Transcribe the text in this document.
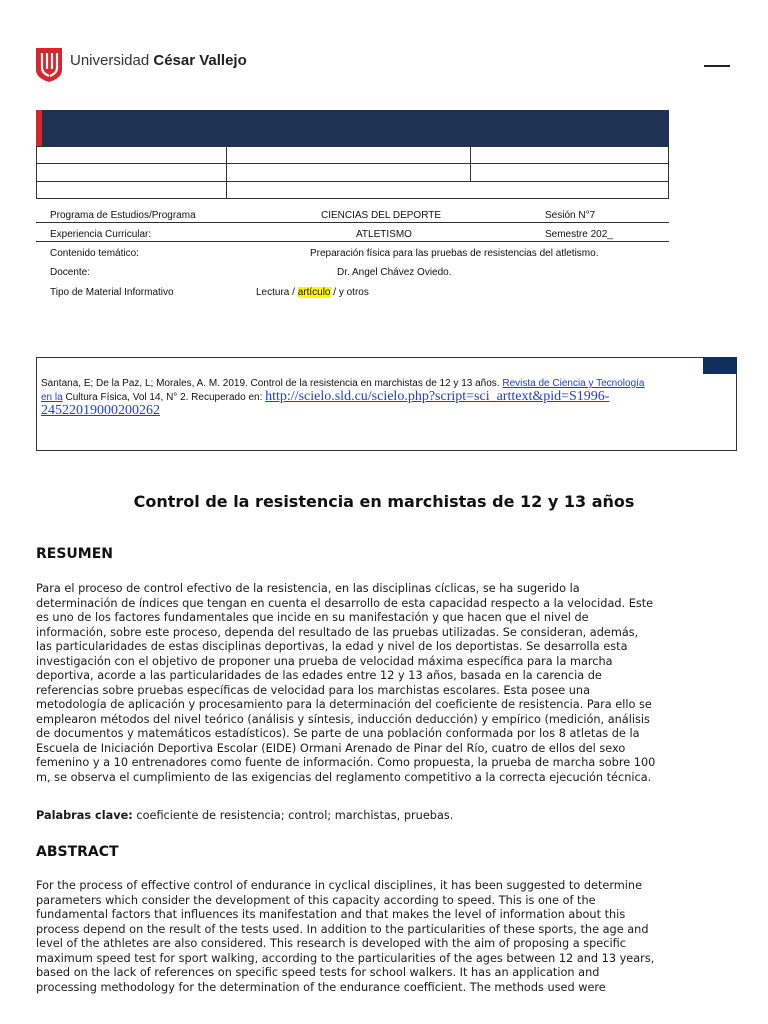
Universidad César Vallejo
Programa de Estudios/Programa	CIENCIAS DEL DEPORTE	Sesión N°7
Experiencia Curricular:	ATLETISMO	Semestre 202_
Contenido temático:	Preparación física para las pruebas de resistencias del atletismo.
Docente:	Dr. Angel Chávez Oviedo.
Tipo de Material Informativo	Lectura / artículo / y otros
Santana, E; De la Paz, L; Morales, A. M. 2019. Control de la resistencia en marchistas de 12 y 13 años. Revista de Ciencia y Tecnología
en la Cultura Física, Vol 14, N° 2. Recuperado en: http://scielo.sld.cu/scielo.php?script=sci_arttext&pid=S1996-
24522019000200262
Control de la resistencia en marchistas de 12 y 13 años
RESUMEN
Para el proceso de control efectivo de la resistencia, en las disciplinas cíclicas, se ha sugerido la
determinación de índices que tengan en cuenta el desarrollo de esta capacidad respecto a la velocidad. Este
es uno de los factores fundamentales que incide en su manifestación y que hacen que el nivel de
información, sobre este proceso, dependa del resultado de las pruebas utilizadas. Se consideran, además,
las particularidades de estas disciplinas deportivas, la edad y nivel de los deportistas. Se desarrolla esta
investigación con el objetivo de proponer una prueba de velocidad máxima específica para la marcha
deportiva, acorde a las particularidades de las edades entre 12 y 13 años, basada en la carencia de
referencias sobre pruebas específicas de velocidad para los marchistas escolares. Esta posee una
metodología de aplicación y procesamiento para la determinación del coeficiente de resistencia. Para ello se
emplearon métodos del nivel teórico (análisis y síntesis, inducción deducción) y empírico (medición, análisis
de documentos y matemáticos estadísticos). Se parte de una población conformada por los 8 atletas de la
Escuela de Iniciación Deportiva Escolar (EIDE) Ormani Arenado de Pinar del Río, cuatro de ellos del sexo
femenino y a 10 entrenadores como fuente de información. Como propuesta, la prueba de marcha sobre 100
m, se observa el cumplimiento de las exigencias del reglamento competitivo a la correcta ejecución técnica.
Palabras clave: coeficiente de resistencia; control; marchistas, pruebas.
ABSTRACT
For the process of effective control of endurance in cyclical disciplines, it has been suggested to determine
parameters which consider the development of this capacity according to speed. This is one of the
fundamental factors that influences its manifestation and that makes the level of information about this
process depend on the result of the tests used. In addition to the particularities of these sports, the age and
level of the athletes are also considered. This research is developed with the aim of proposing a specific
maximum speed test for sport walking, according to the particularities of the ages between 12 and 13 years,
based on the lack of references on specific speed tests for school walkers. It has an application and
processing methodology for the determination of the endurance coefficient. The methods used were
